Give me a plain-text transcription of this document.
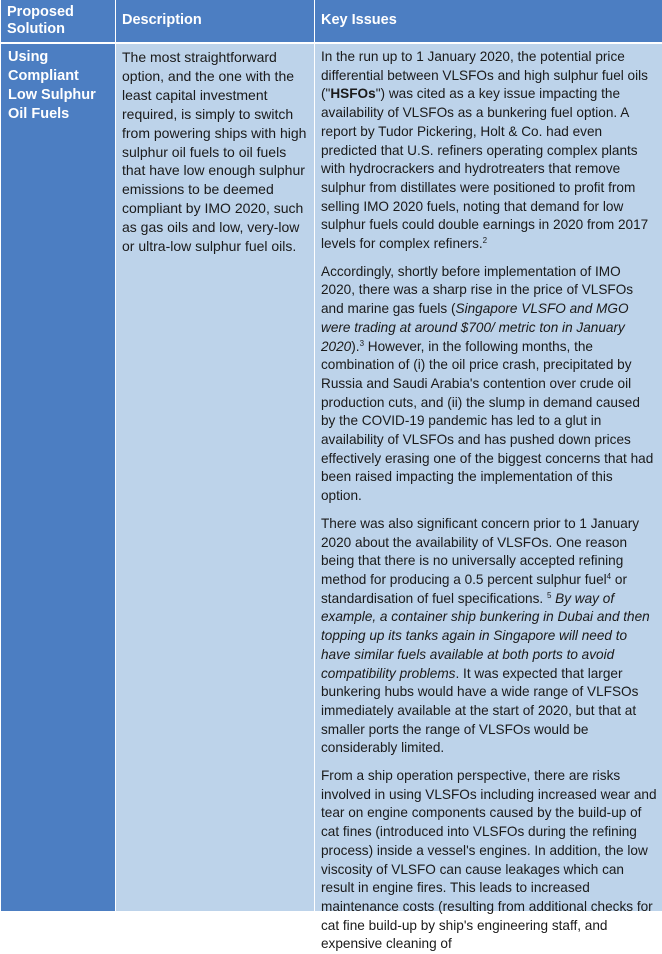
Proposed Solution
Description	Key Issues
Using Compliant Low Sulphur Oil Fuels
The most straightforward option, and the one with the least capital investment required, is simply to switch from powering ships with high sulphur oil fuels to oil fuels that have low enough sulphur emissions to be deemed compliant by IMO 2020, such as gas oils and low, very-low or ultra-low sulphur fuel oils.

In the run up to 1 January 2020, the potential price differential between VLSFOs and high sulphur fuel oils ("HSFOs") was cited as a key issue impacting the availability of VLSFOs as a bunkering fuel option. A report by Tudor Pickering, Holt & Co. had even predicted that U.S. refiners operating complex plants with hydrocrackers and hydrotreaters that remove sulphur from distillates were positioned to profit from selling IMO 2020 fuels, noting that demand for low sulphur fuels could double earnings in 2020 from 2017 levels for complex refiners.$^2$

Accordingly, shortly before implementation of IMO 2020, there was a sharp rise in the price of VLSFOs and marine gas fuels (Singapore VLSFO and MGO were trading at around $700/ metric ton in January 2020).$^3$ However, in the following months, the combination of (i) the oil price crash, precipitated by Russia and Saudi Arabia's contention over crude oil production cuts, and (ii) the slump in demand caused by the COVID-19 pandemic has led to a glut in availability of VLSFOs and has pushed down prices effectively erasing one of the biggest concerns that had been raised impacting the implementation of this option.

There was also significant concern prior to 1 January 2020 about the availability of VLSFOs. One reason being that there is no universally accepted refining method for producing a 0.5 percent sulphur fuel$^4$ or standardisation of fuel specifications. $^5$ By way of example, a container ship bunkering in Dubai and then topping up its tanks again in Singapore will need to have similar fuels available at both ports to avoid compatibility problems. It was expected that larger bunkering hubs would have a wide range of VLFSOs immediately available at the start of 2020, but that at smaller ports the range of VLSFOs would be considerably limited.

From a ship operation perspective, there are risks involved in using VLSFOs including increased wear and tear on engine components caused by the build-up of cat fines (introduced into VLSFOs during the refining process) inside a vessel's engines. In addition, the low viscosity of VLSFO can cause leakages which can result in engine fires. This leads to increased maintenance costs (resulting from additional checks for cat fine build-up by ship's engineering staff, and expensive cleaning of
